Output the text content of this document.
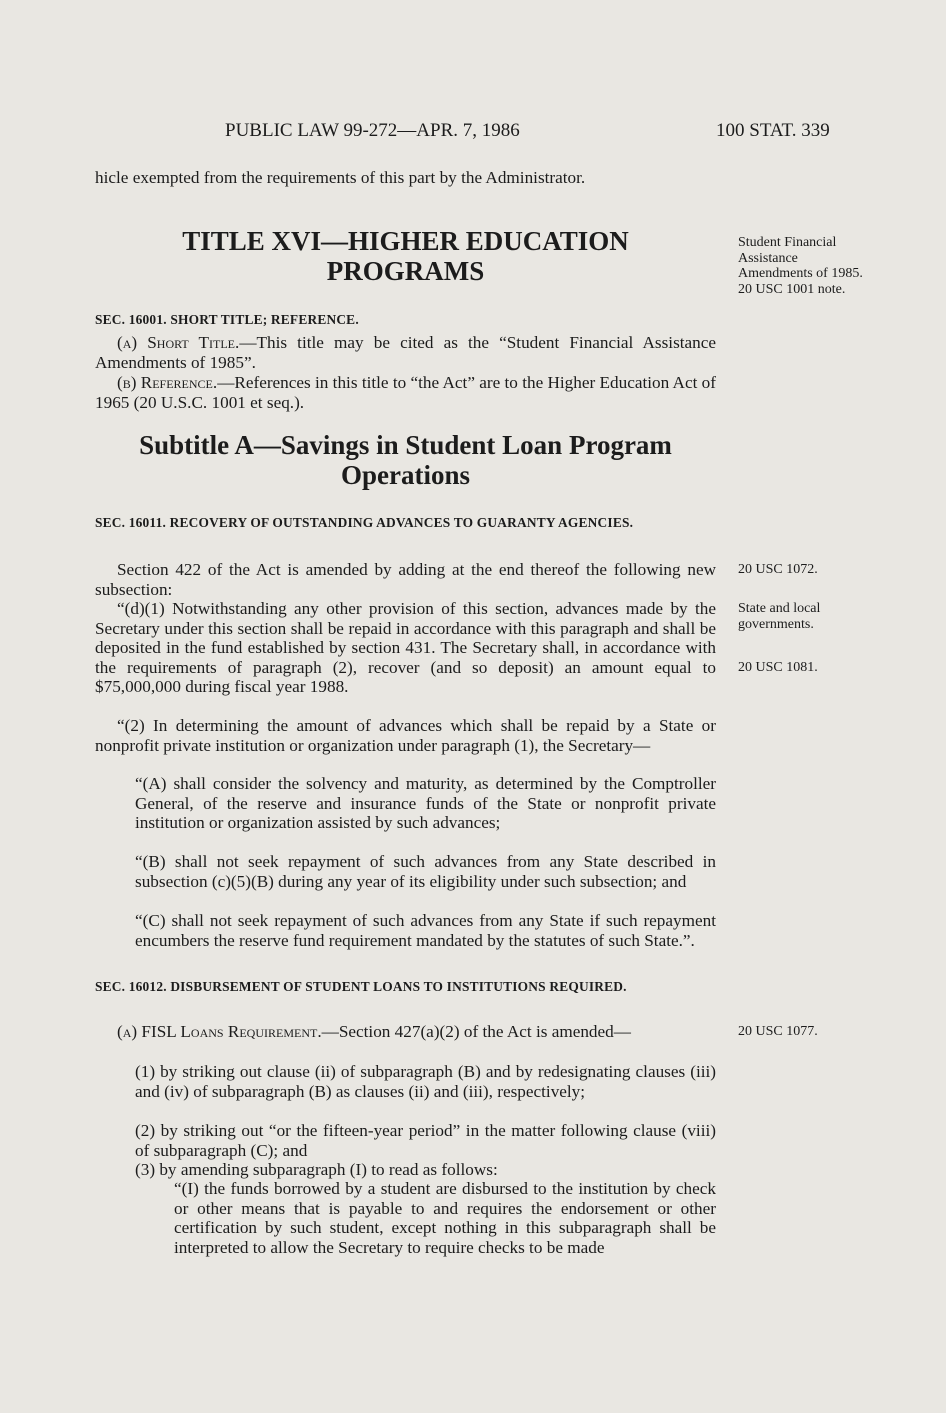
PUBLIC LAW 99-272—APR. 7, 1986	100 STAT. 339
hicle exempted from the requirements of this part by the Administrator.
TITLE XVI—HIGHER EDUCATION PROGRAMS
SEC. 16001. SHORT TITLE; REFERENCE.
(a) Short Title.—This title may be cited as the “Student Financial Assistance Amendments of 1985”.
(b) Reference.—References in this title to “the Act” are to the Higher Education Act of 1965 (20 U.S.C. 1001 et seq.).
Subtitle A—Savings in Student Loan Program Operations
SEC. 16011. RECOVERY OF OUTSTANDING ADVANCES TO GUARANTY AGENCIES.
Section 422 of the Act is amended by adding at the end thereof the following new subsection:
“(d)(1) Notwithstanding any other provision of this section, advances made by the Secretary under this section shall be repaid in accordance with this paragraph and shall be deposited in the fund established by section 431. The Secretary shall, in accordance with the requirements of paragraph (2), recover (and so deposit) an amount equal to $75,000,000 during fiscal year 1988.
“(2) In determining the amount of advances which shall be repaid by a State or nonprofit private institution or organization under paragraph (1), the Secretary—
“(A) shall consider the solvency and maturity, as determined by the Comptroller General, of the reserve and insurance funds of the State or nonprofit private institution or organization assisted by such advances;
“(B) shall not seek repayment of such advances from any State described in subsection (c)(5)(B) during any year of its eligibility under such subsection; and
“(C) shall not seek repayment of such advances from any State if such repayment encumbers the reserve fund requirement mandated by the statutes of such State.”.
SEC. 16012. DISBURSEMENT OF STUDENT LOANS TO INSTITUTIONS REQUIRED.
(a) FISL Loans Requirement.—Section 427(a)(2) of the Act is amended—
(1) by striking out clause (ii) of subparagraph (B) and by redesignating clauses (iii) and (iv) of subparagraph (B) as clauses (ii) and (iii), respectively;
(2) by striking out “or the fifteen-year period” in the matter following clause (viii) of subparagraph (C); and
(3) by amending subparagraph (I) to read as follows:
“(I) the funds borrowed by a student are disbursed to the institution by check or other means that is payable to and requires the endorsement or other certification by such student, except nothing in this subparagraph shall be interpreted to allow the Secretary to require checks to be made
Student Financial Assistance Amendments of 1985. 20 USC 1001 note.
20 USC 1072.
State and local governments.
20 USC 1081.
20 USC 1077.
